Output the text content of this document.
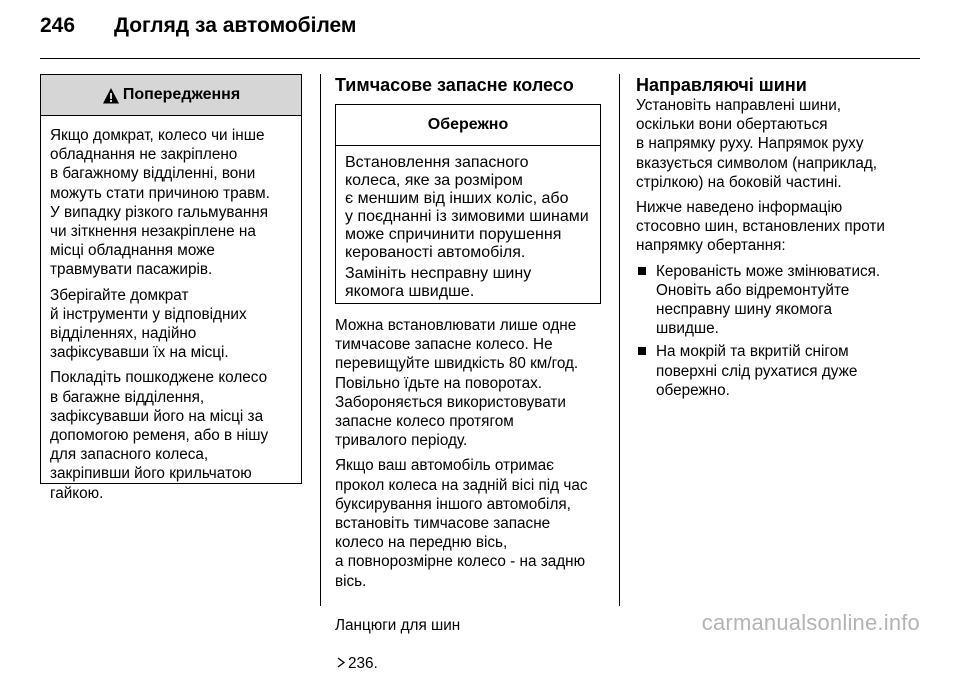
246	Догляд за автомобілем
Попередження

Якщо домкрат, колесо чи інше
обладнання не закріплено
в багажному відділенні, вони
можуть стати причиною травм.
У випадку різкого гальмування
чи зіткнення незакріплене на
місці обладнання може
травмувати пасажирів.

Зберігайте домкрат
й інструменти у відповідних
відділеннях, надійно
зафіксувавши їх на місці.

Покладіть пошкоджене колесо
в багажне відділення,
зафіксувавши його на місці за
допомогою ременя, або в нішу
для запасного колеса,
закріпивши його крильчатою
гайкою.

Тимчасове запасне колесо
Обережно

Встановлення запасного
колеса, яке за розміром
є меншим від інших коліс, або
у поєднанні із зимовими шинами
може спричинити порушення
керованості автомобіля.

Замініть несправну шину
якомога швидше.

Можна встановлювати лише одне
тимчасове запасне колесо. Не
перевищуйте швидкість 80 км/год.
Повільно їдьте на поворотах.
Забороняється використовувати
запасне колесо протягом
тривалого періоду.

Якщо ваш автомобіль отримає
прокол колеса на задній вісі під час
буксирування іншого автомобіля,
встановіть тимчасове запасне
колесо на передню вісь,
а повнорозмірне колесо - на задню
вісь.

Ланцюги для шин

236.

Направляючі шини

Установіть направлені шини,
оскільки вони обертаються
в напрямку руху. Напрямок руху
вказується символом (наприклад,
стрілкою) на боковій частині.

Нижче наведено інформацію
стосовно шин, встановлених проти
напрямку обертання:

Керованість може змінюватися.
Оновіть або відремонтуйте
несправну шину якомога
швидше.
На мокрій та вкритій снігом
поверхні слід рухатися дуже
обережно.
carmanualsonline.info
